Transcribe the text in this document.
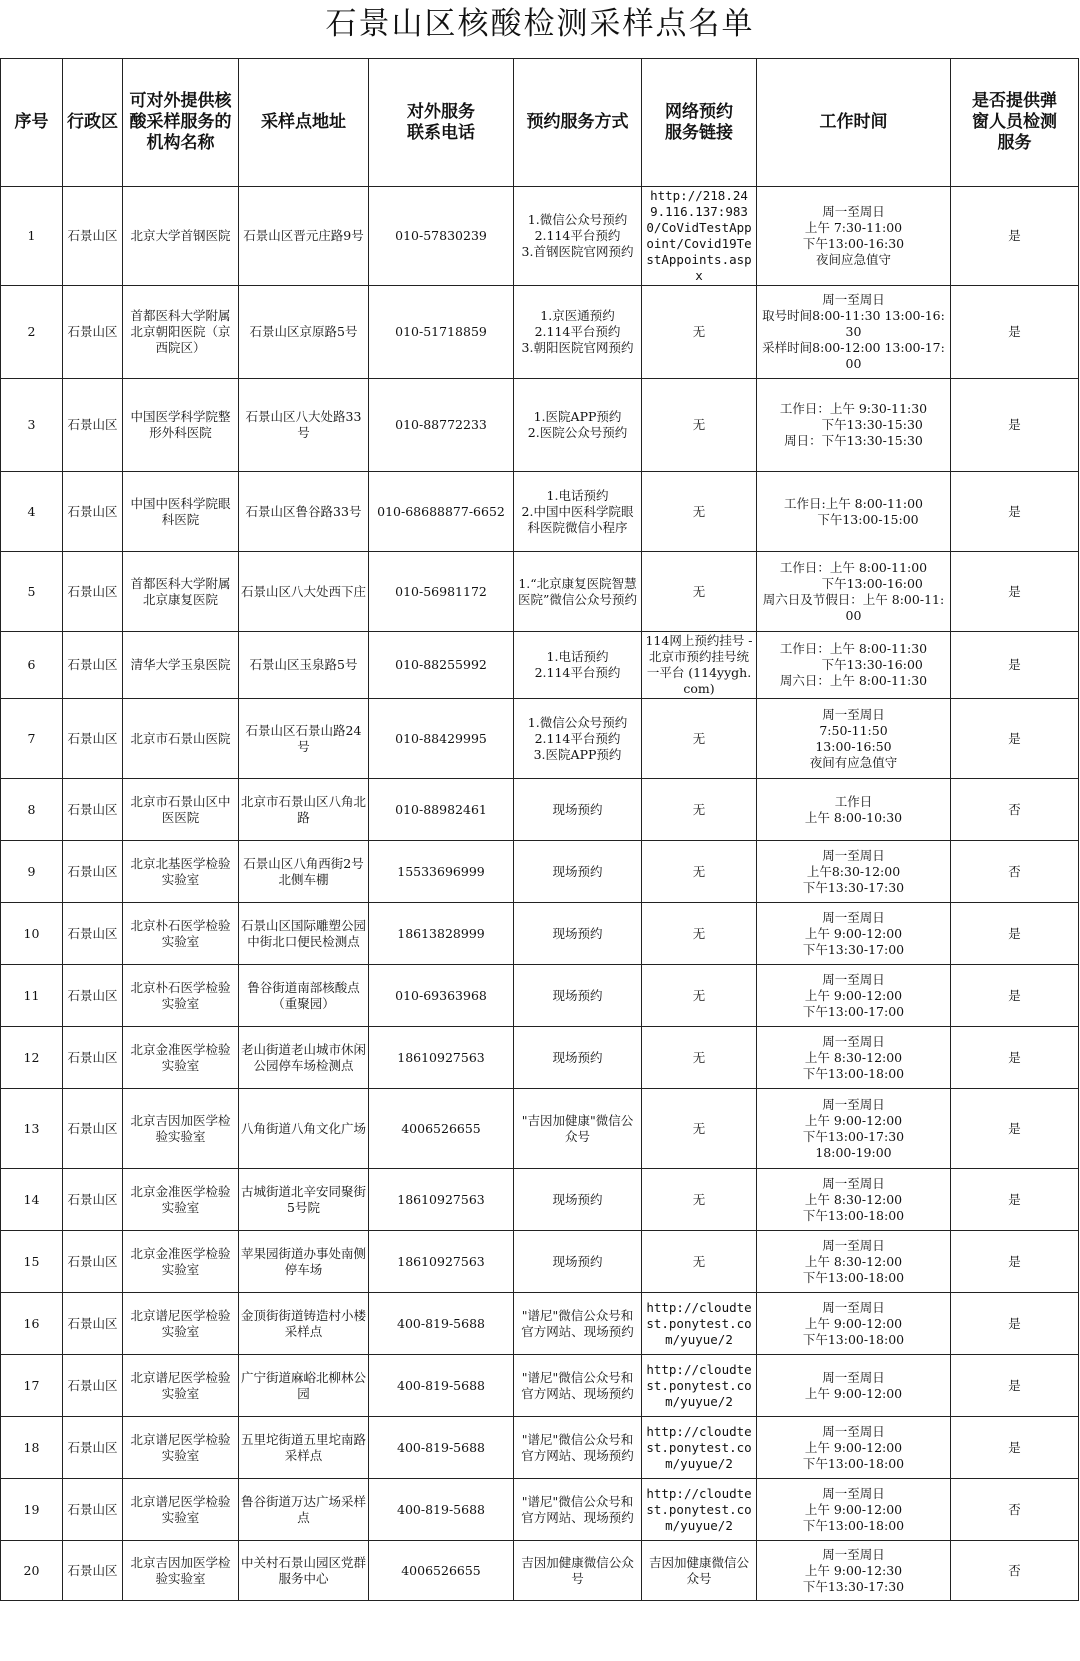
石景山区核酸检测采样点名单
序号	行政区	可对外提供核
酸采样服务的
机构名称	采样点地址	对外服务
联系电话	预约服务方式	网络预约
服务链接	工作时间	是否提供弹
窗人员检测
服务
1	石景山区	北京大学首钢医院	石景山区晋元庄路9号	010-57830239	1.微信公众号预约
2.114平台预约
3.首钢医院官网预约	http://218.249.116.137:9830/CoVidTestAppoint/Covid19TestAppoints.aspx	周一至周日
上午 7:30-11:00
下午13:00-16:30
夜间应急值守	是
2	石景山区	首都医科大学附属北京朝阳医院（京西院区）	石景山区京原路5号	010-51718859	1.京医通预约
2.114平台预约
3.朝阳医院官网预约	无	周一至周日
取号时间8:00-11:30 13:00-16:30
采样时间8:00-12:00 13:00-17:00	是
3	石景山区	中国医学科学院整形外科医院	石景山区八大处路33号	010-88772233	1.医院APP预约
2.医院公众号预约	无	工作日：上午 9:30-11:30
　　　下午13:30-15:30
周日：下午13:30-15:30	是
4	石景山区	中国中医科学院眼科医院	石景山区鲁谷路33号	010-68688877-6652	1.电话预约
2.中国中医科学院眼科医院微信小程序	无	工作日:上午 8:00-11:00
　　 下午13:00-15:00	是
5	石景山区	首都医科大学附属北京康复医院	石景山区八大处西下庄	010-56981172	1.“北京康复医院智慧医院”微信公众号预约	无	工作日：上午 8:00-11:00
　　　下午13:00-16:00
周六日及节假日：上午 8:00-11:00	是
6	石景山区	清华大学玉泉医院	石景山区玉泉路5号	010-88255992	1.电话预约
2.114平台预约	114网上预约挂号 - 北京市预约挂号统一平台 (114yygh.com)	工作日：上午 8:00-11:30
　　　下午13:30-16:00
周六日：上午 8:00-11:30	是
7	石景山区	北京市石景山医院	石景山区石景山路24号	010-88429995	1.微信公众号预约
2.114平台预约
3.医院APP预约	无	周一至周日
7:50-11:50
13:00-16:50
夜间有应急值守	是
8	石景山区	北京市石景山区中医医院	北京市石景山区八角北路	010-88982461	现场预约	无	工作日
上午 8:00-10:30	否
9	石景山区	北京北基医学检验实验室	石景山区八角西街2号北侧车棚	15533696999	现场预约	无	周一至周日
上午8:30-12:00
下午13:30-17:30	否
10	石景山区	北京朴石医学检验实验室	石景山区国际雕塑公园中街北口便民检测点	18613828999	现场预约	无	周一至周日
上午 9:00-12:00
下午13:30-17:00	是
11	石景山区	北京朴石医学检验实验室	鲁谷街道南部核酸点（重聚园）	010-69363968	现场预约	无	周一至周日
上午 9:00-12:00
下午13:00-17:00	是
12	石景山区	北京金准医学检验实验室	老山街道老山城市休闲公园停车场检测点	18610927563	现场预约	无	周一至周日
上午 8:30-12:00
下午13:00-18:00	是
13	石景山区	北京吉因加医学检验实验室	八角街道八角文化广场	4006526655	"吉因加健康"微信公众号	无	周一至周日
上午 9:00-12:00
下午13:00-17:30
18:00-19:00	是
14	石景山区	北京金准医学检验实验室	古城街道北辛安同聚街5号院	18610927563	现场预约	无	周一至周日
上午 8:30-12:00
下午13:00-18:00	是
15	石景山区	北京金准医学检验实验室	苹果园街道办事处南侧停车场	18610927563	现场预约	无	周一至周日
上午 8:30-12:00
下午13:00-18:00	是
16	石景山区	北京谱尼医学检验实验室	金顶街街道铸造村小楼采样点	400-819-5688	"谱尼"微信公众号和官方网站、现场预约	http://cloudtest.ponytest.com/yuyue/2	周一至周日
上午 9:00-12:00
下午13:00-18:00	是
17	石景山区	北京谱尼医学检验实验室	广宁街道麻峪北柳林公园	400-819-5688	"谱尼"微信公众号和官方网站、现场预约	http://cloudtest.ponytest.com/yuyue/2	周一至周日
上午 9:00-12:00	是
18	石景山区	北京谱尼医学检验实验室	五里坨街道五里坨南路采样点	400-819-5688	"谱尼"微信公众号和官方网站、现场预约	http://cloudtest.ponytest.com/yuyue/2	周一至周日
上午 9:00-12:00
下午13:00-18:00	是
19	石景山区	北京谱尼医学检验实验室	鲁谷街道万达广场采样点	400-819-5688	"谱尼"微信公众号和官方网站、现场预约	http://cloudtest.ponytest.com/yuyue/2	周一至周日
上午 9:00-12:00
下午13:00-18:00	否
20	石景山区	北京吉因加医学检验实验室	中关村石景山园区党群服务中心	4006526655	吉因加健康微信公众号	吉因加健康微信公众号	周一至周日
上午 9:00-12:30
下午13:30-17:30	否
